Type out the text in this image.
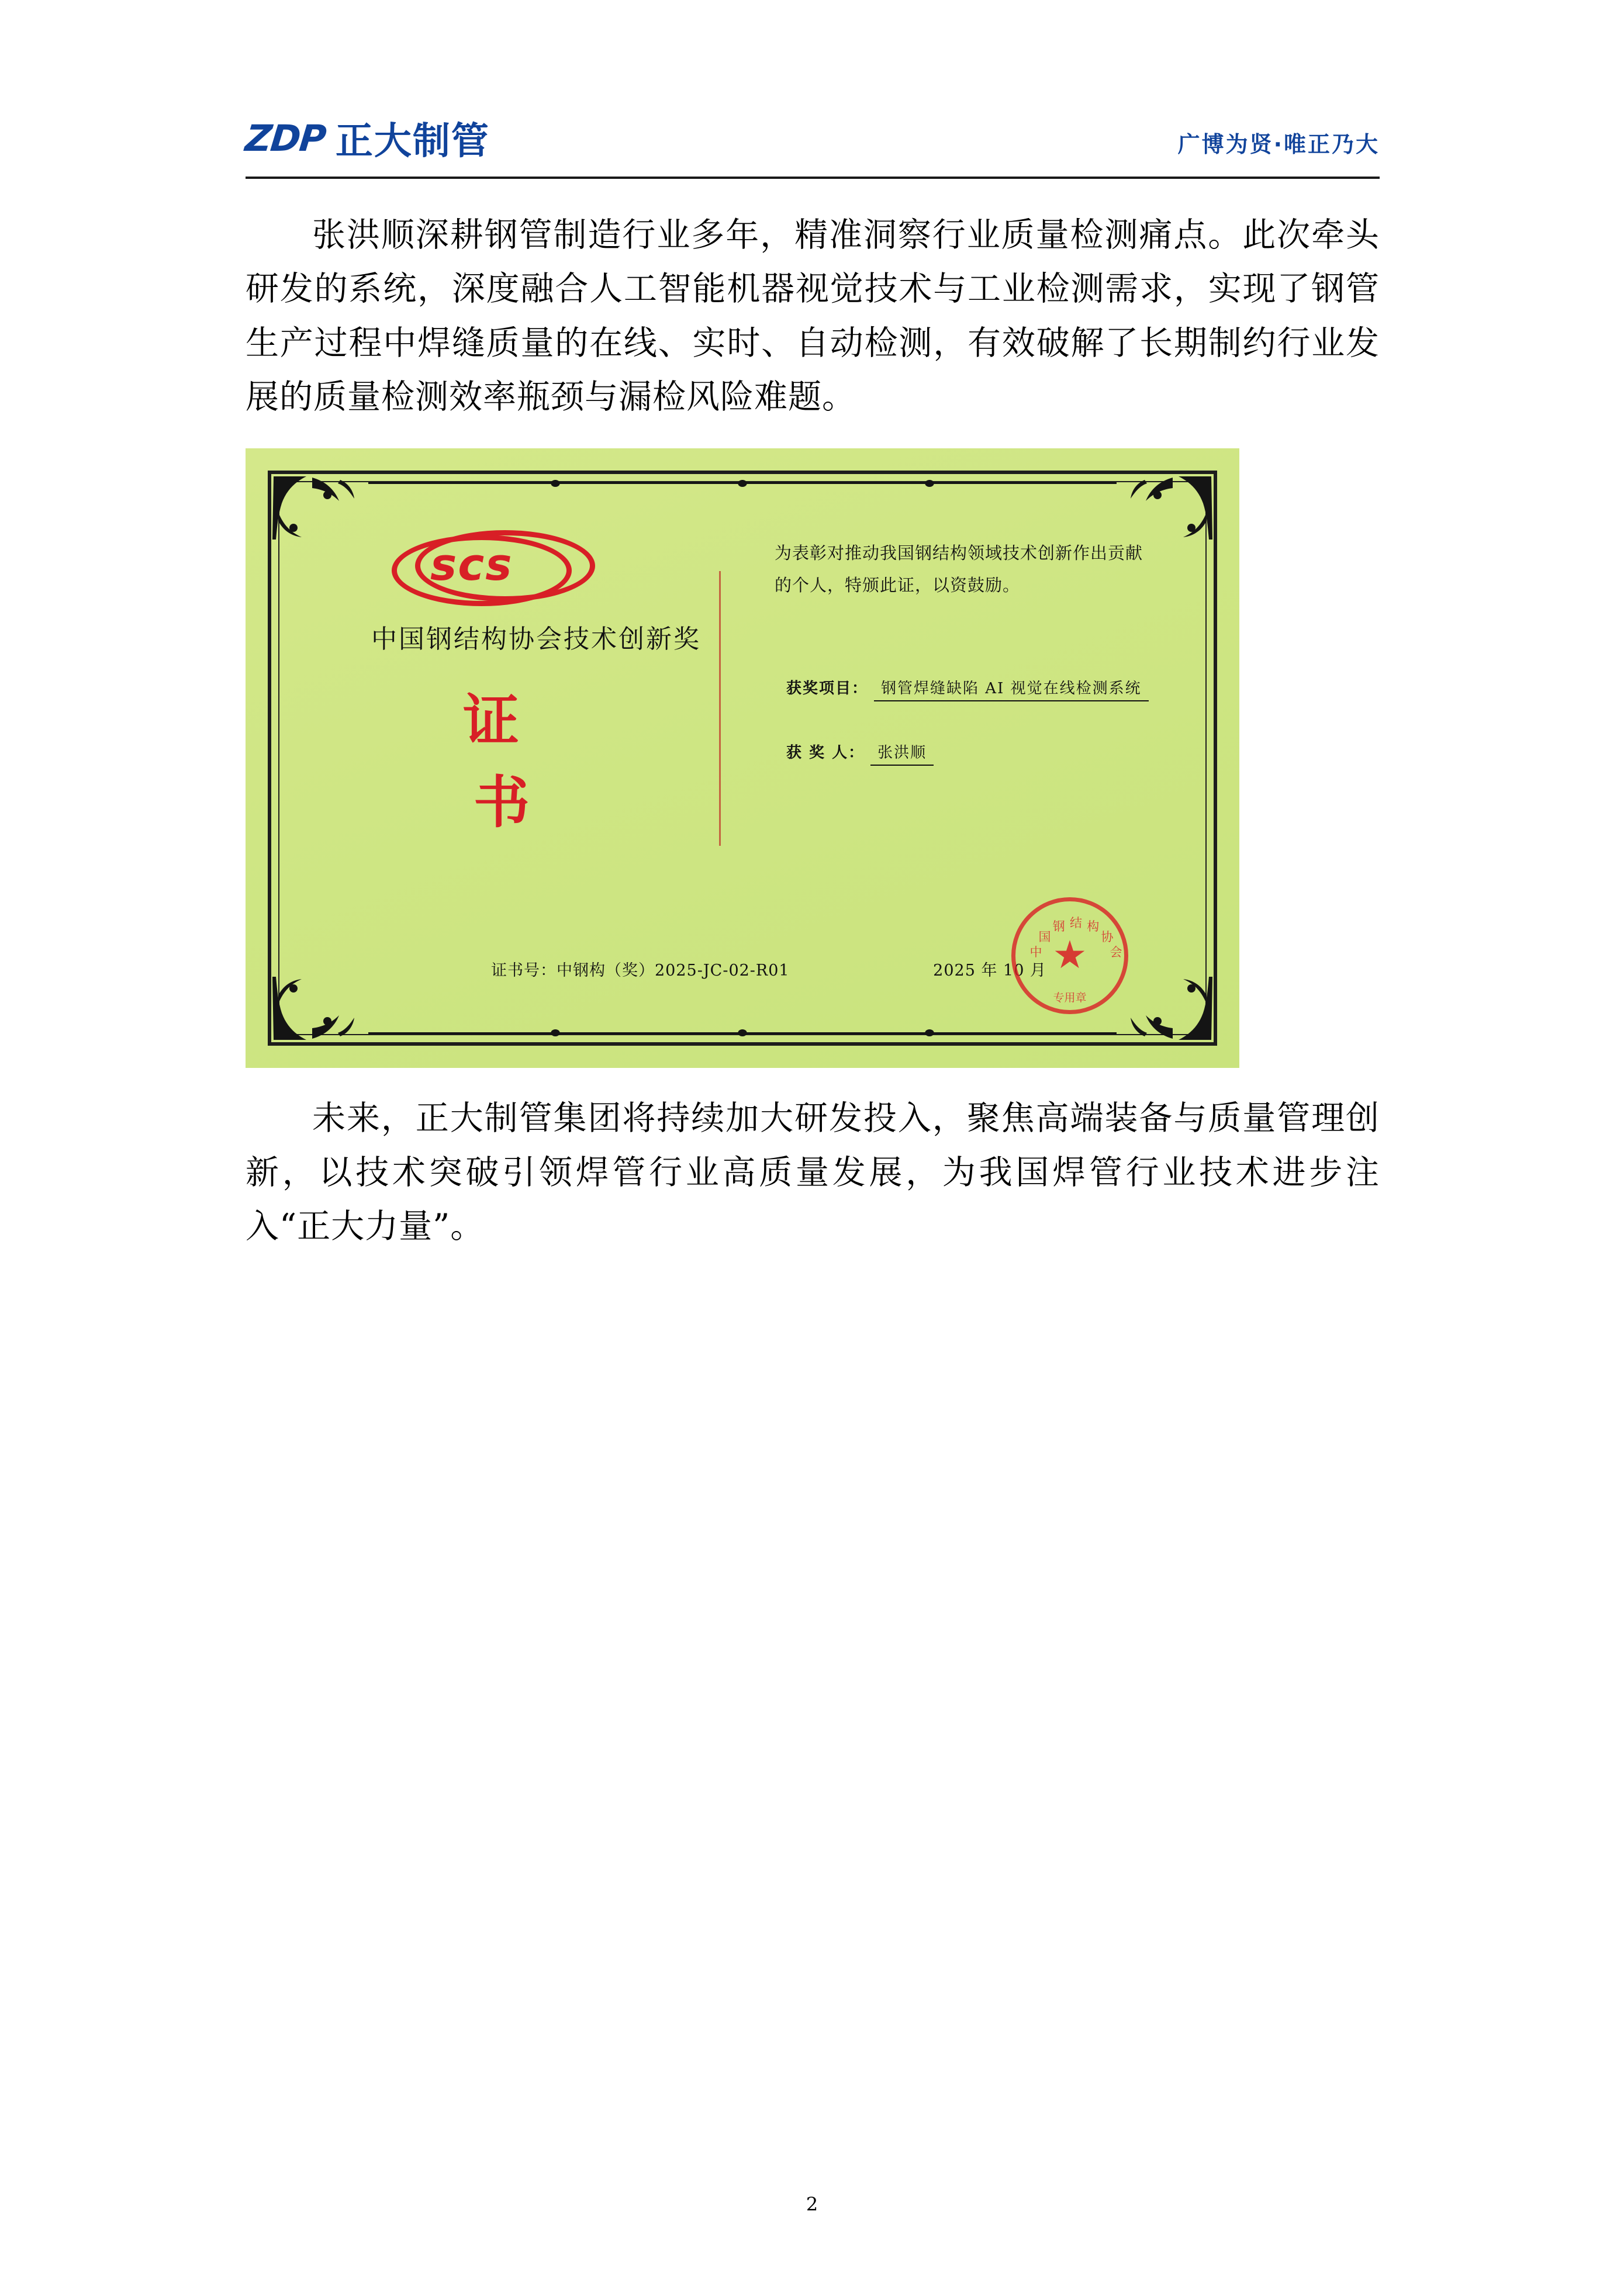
ZDP 正大制管	广博为贤·唯正乃大

张洪顺深耕钢管制造行业多年，精准洞察行业质量检测痛点。此次牵头研发的系统，深度融合人工智能机器视觉技术与工业检测需求，实现了钢管生产过程中焊缝质量的在线、实时、自动检测，有效破解了长期制约行业发展的质量检测效率瓶颈与漏检风险难题。

scs
中国钢结构协会技术创新奖
证
书
为表彰对推动我国钢结构领域技术创新作出贡献的个人，特颁此证，以资鼓励。
获奖项目： 钢管焊缝缺陷 AI 视觉在线检测系统
获 奖 人： 张洪顺
证书号：中钢构（奖）2025-JC-02-R01	2025 年 10 月 ★
中
国
钢 结 构
协
会
专用章

未来，正大制管集团将持续加大研发投入，聚焦高端装备与质量管理创新，以技术突破引领焊管行业高质量发展，为我国焊管行业技术进步注入“正大力量”。

2
